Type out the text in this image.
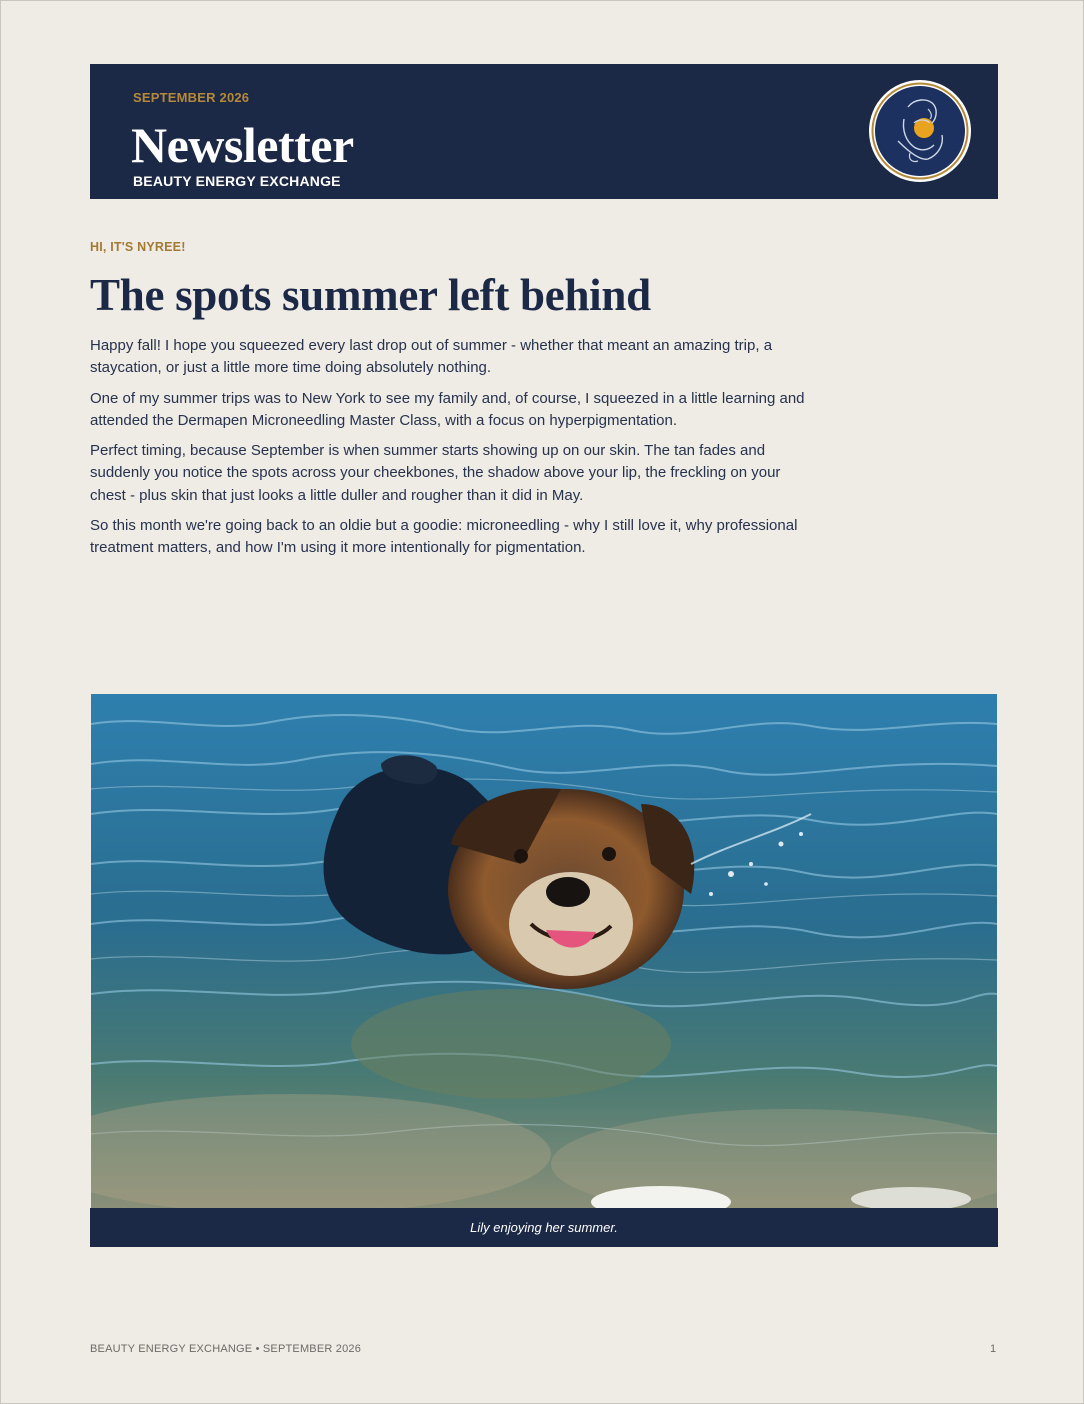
SEPTEMBER 2026
Newsletter
BEAUTY ENERGY EXCHANGE
HI, IT'S NYREE!
The spots summer left behind

Happy fall! I hope you squeezed every last drop out of summer - whether that meant an amazing trip, a staycation, or just a little more time doing absolutely nothing.

One of my summer trips was to New York to see my family and, of course, I squeezed in a little learning and attended the Dermapen Microneedling Master Class, with a focus on hyperpigmentation.

Perfect timing, because September is when summer starts showing up on our skin. The tan fades and suddenly you notice the spots across your cheekbones, the shadow above your lip, the freckling on your chest - plus skin that just looks a little duller and rougher than it did in May.

So this month we're going back to an oldie but a goodie: microneedling - why I still love it, why professional treatment matters, and how I'm using it more intentionally for pigmentation.

Lily enjoying her summer.
BEAUTY ENERGY EXCHANGE • SEPTEMBER 2026	1
